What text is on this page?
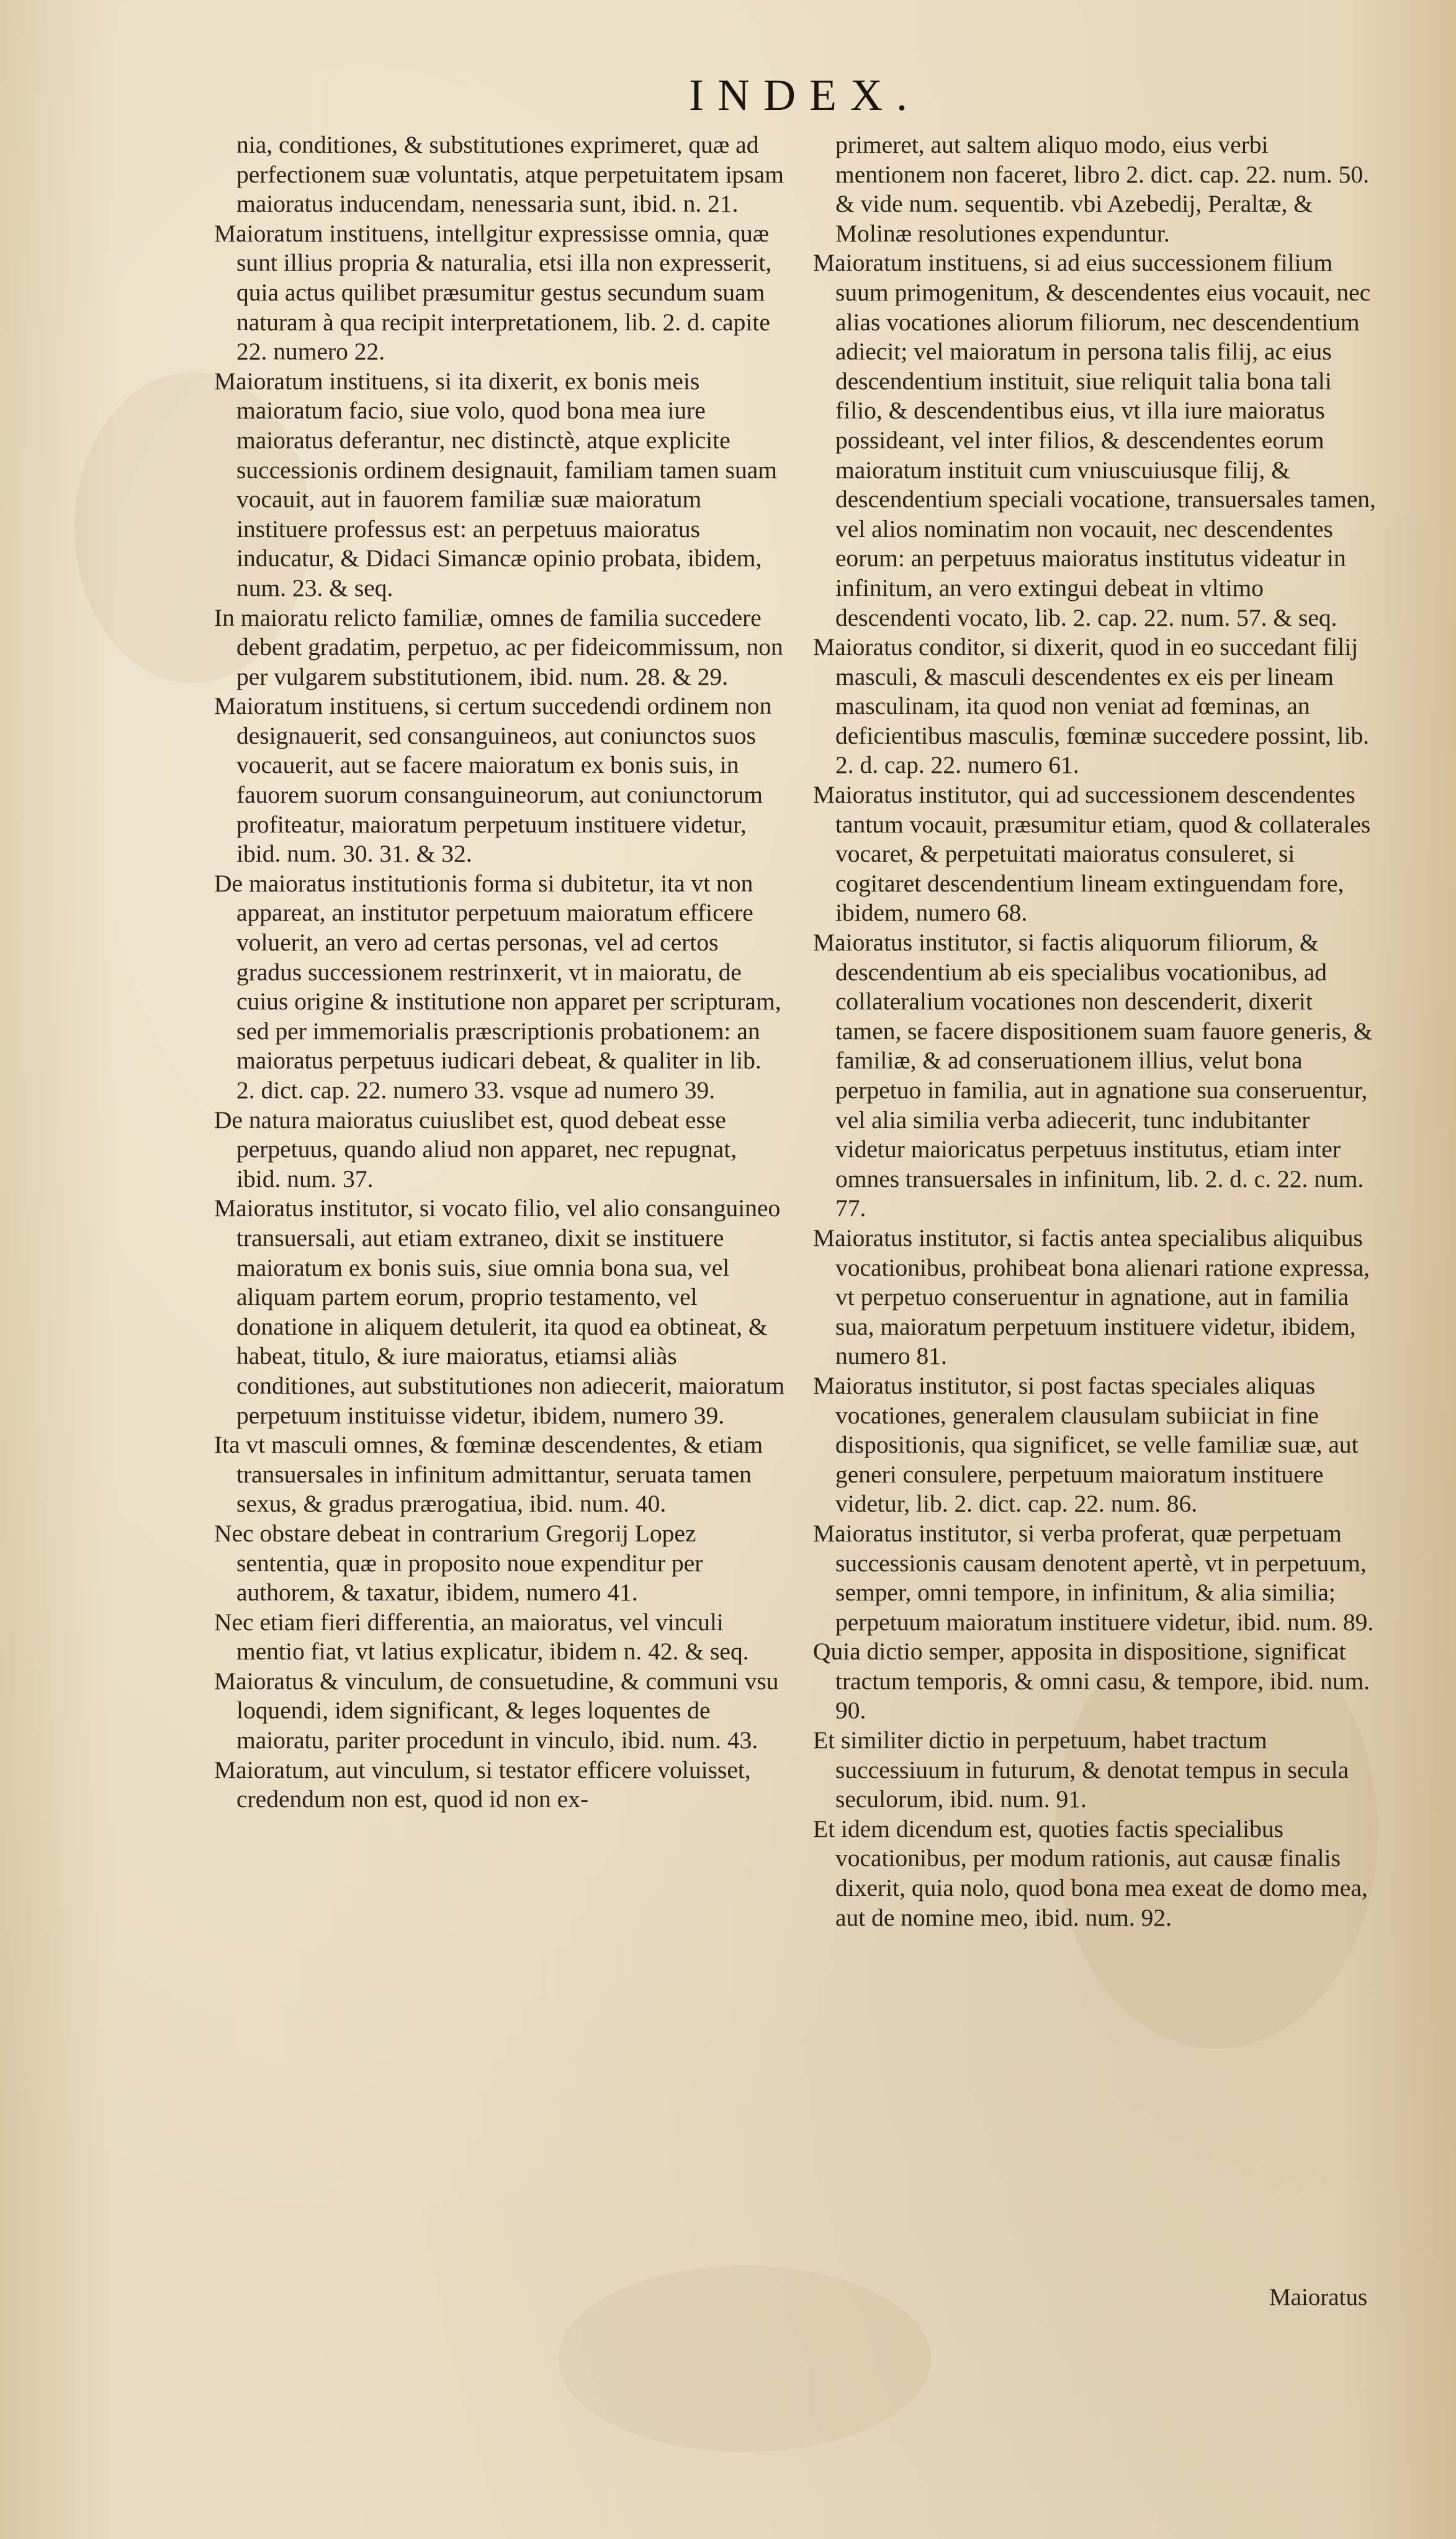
INDEX.

nia, conditiones, & substitutiones exprimeret, quæ ad perfectionem suæ voluntatis, atque perpetuitatem ipsam maioratus inducendam, nenessaria sunt, ibid. n. 21.

Maioratum instituens, intellgitur expressisse omnia, quæ sunt illius propria & naturalia, etsi illa non expresserit, quia actus quilibet præsumitur gestus secundum suam naturam à qua recipit interpretationem, lib. 2. d. capite 22. numero 22.

Maioratum instituens, si ita dixerit, ex bonis meis maioratum facio, siue volo, quod bona mea iure maioratus deferantur, nec distinctè, atque explicite successionis ordinem designauit, familiam tamen suam vocauit, aut in fauorem familiæ suæ maioratum instituere professus est: an perpetuus maioratus inducatur, & Didaci Simancæ opinio probata, ibidem, num. 23. & seq.

In maioratu relicto familiæ, omnes de familia succedere debent gradatim, perpetuo, ac per fideicommissum, non per vulgarem substitutionem, ibid. num. 28. & 29.

Maioratum instituens, si certum succedendi ordinem non designauerit, sed consanguineos, aut coniunctos suos vocauerit, aut se facere maioratum ex bonis suis, in fauorem suorum consanguineorum, aut coniunctorum profiteatur, maioratum perpetuum instituere videtur, ibid. num. 30. 31. & 32.

De maioratus institutionis forma si dubitetur, ita vt non appareat, an institutor perpetuum maioratum efficere voluerit, an vero ad certas personas, vel ad certos gradus successionem restrinxerit, vt in maioratu, de cuius origine & institutione non apparet per scripturam, sed per immemorialis præscriptionis probationem: an maioratus perpetuus iudicari debeat, & qualiter in lib. 2. dict. cap. 22. numero 33. vsque ad numero 39.

De natura maioratus cuiuslibet est, quod debeat esse perpetuus, quando aliud non apparet, nec repugnat, ibid. num. 37.

Maioratus institutor, si vocato filio, vel alio consanguineo transuersali, aut etiam extraneo, dixit se instituere maioratum ex bonis suis, siue omnia bona sua, vel aliquam partem eorum, proprio testamento, vel donatione in aliquem detulerit, ita quod ea obtineat, & habeat, titulo, & iure maioratus, etiamsi aliàs conditiones, aut substitutiones non adiecerit, maioratum perpetuum instituisse videtur, ibidem, numero 39.

Ita vt masculi omnes, & fœminæ descendentes, & etiam transuersales in infinitum admittantur, seruata tamen sexus, & gradus prærogatiua, ibid. num. 40.

Nec obstare debeat in contrarium Gregorij Lopez sententia, quæ in proposito noue expenditur per authorem, & taxatur, ibidem, numero 41.

Nec etiam fieri differentia, an maioratus, vel vinculi mentio fiat, vt latius explicatur, ibidem n. 42. & seq.

Maioratus & vinculum, de consuetudine, & communi vsu loquendi, idem significant, & leges loquentes de maioratu, pariter procedunt in vinculo, ibid. num. 43.

Maioratum, aut vinculum, si testator efficere voluisset, credendum non est, quod id non ex-

primeret, aut saltem aliquo modo, eius verbi mentionem non faceret, libro 2. dict. cap. 22. num. 50. & vide num. sequentib. vbi Azebedij, Peraltæ, & Molinæ resolutiones expenduntur.

Maioratum instituens, si ad eius successionem filium suum primogenitum, & descendentes eius vocauit, nec alias vocationes aliorum filiorum, nec descendentium adiecit; vel maioratum in persona talis filij, ac eius descendentium instituit, siue reliquit talia bona tali filio, & descendentibus eius, vt illa iure maioratus possideant, vel inter filios, & descendentes eorum maioratum instituit cum vniuscuiusque filij, & descendentium speciali vocatione, transuersales tamen, vel alios nominatim non vocauit, nec descendentes eorum: an perpetuus maioratus institutus videatur in infinitum, an vero extingui debeat in vltimo descendenti vocato, lib. 2. cap. 22. num. 57. & seq.

Maioratus conditor, si dixerit, quod in eo succedant filij masculi, & masculi descendentes ex eis per lineam masculinam, ita quod non veniat ad fœminas, an deficientibus masculis, fœminæ succedere possint, lib. 2. d. cap. 22. numero 61.

Maioratus institutor, qui ad successionem descendentes tantum vocauit, præsumitur etiam, quod & collaterales vocaret, & perpetuitati maioratus consuleret, si cogitaret descendentium lineam extinguendam fore, ibidem, numero 68.

Maioratus institutor, si factis aliquorum filiorum, & descendentium ab eis specialibus vocationibus, ad collateralium vocationes non descenderit, dixerit tamen, se facere dispositionem suam fauore generis, & familiæ, & ad conseruationem illius, velut bona perpetuo in familia, aut in agnatione sua conseruentur, vel alia similia verba adiecerit, tunc indubitanter videtur maioricatus perpetuus institutus, etiam inter omnes transuersales in infinitum, lib. 2. d. c. 22. num. 77.

Maioratus institutor, si factis antea specialibus aliquibus vocationibus, prohibeat bona alienari ratione expressa, vt perpetuo conseruentur in agnatione, aut in familia sua, maioratum perpetuum instituere videtur, ibidem, numero 81.

Maioratus institutor, si post factas speciales aliquas vocationes, generalem clausulam subiiciat in fine dispositionis, qua significet, se velle familiæ suæ, aut generi consulere, perpetuum maioratum instituere videtur, lib. 2. dict. cap. 22. num. 86.

Maioratus institutor, si verba proferat, quæ perpetuam successionis causam denotent apertè, vt in perpetuum, semper, omni tempore, in infinitum, & alia similia; perpetuum maioratum instituere videtur, ibid. num. 89.

Quia dictio semper, apposita in dispositione, significat tractum temporis, & omni casu, & tempore, ibid. num. 90.

Et similiter dictio in perpetuum, habet tractum successiuum in futurum, & denotat tempus in secula seculorum, ibid. num. 91.

Et idem dicendum est, quoties factis specialibus vocationibus, per modum rationis, aut causæ finalis dixerit, quia nolo, quod bona mea exeat de domo mea, aut de nomine meo, ibid. num. 92.

Maioratus
